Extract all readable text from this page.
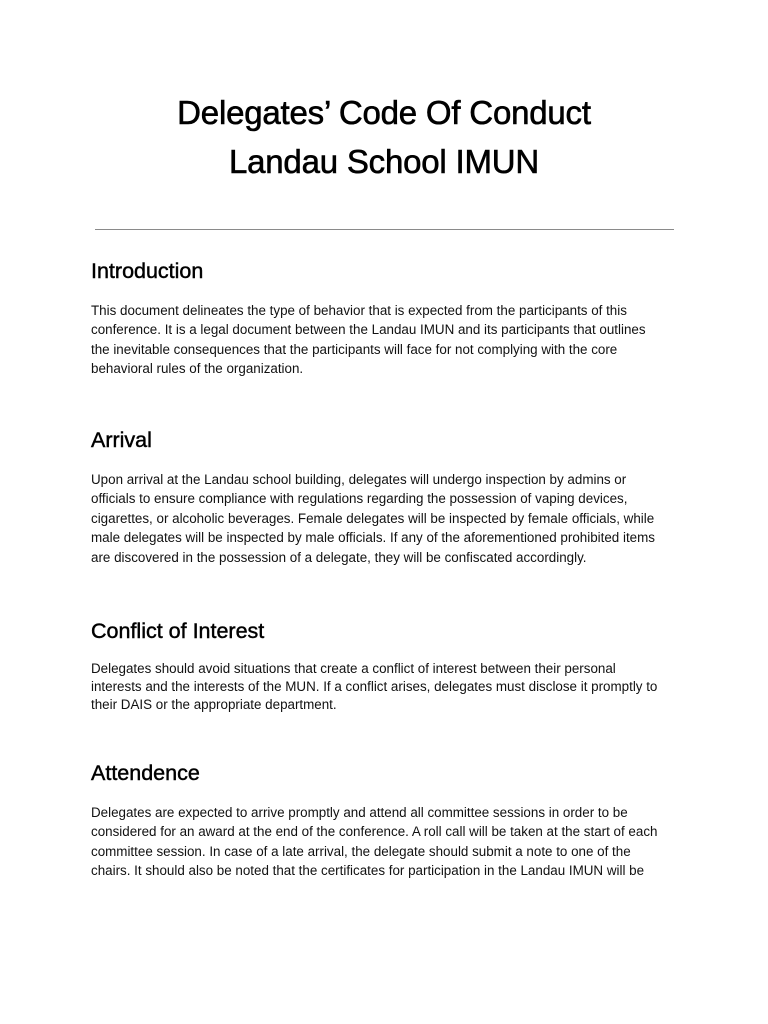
Delegates’ Code Of Conduct
Landau School IMUN
Introduction

This document delineates the type of behavior that is expected from the participants of this
conference. It is a legal document between the Landau IMUN and its participants that outlines
the inevitable consequences that the participants will face for not complying with the core
behavioral rules of the organization.

Arrival

Upon arrival at the Landau school building, delegates will undergo inspection by admins or
officials to ensure compliance with regulations regarding the possession of vaping devices,
cigarettes, or alcoholic beverages. Female delegates will be inspected by female officials, while
male delegates will be inspected by male officials. If any of the aforementioned prohibited items
are discovered in the possession of a delegate, they will be confiscated accordingly.

Conflict of Interest

Delegates should avoid situations that create a conflict of interest between their personal
interests and the interests of the MUN. If a conflict arises, delegates must disclose it promptly to
their DAIS or the appropriate department.

Attendence

Delegates are expected to arrive promptly and attend all committee sessions in order to be
considered for an award at the end of the conference. A roll call will be taken at the start of each
committee session. In case of a late arrival, the delegate should submit a note to one of the
chairs. It should also be noted that the certificates for participation in the Landau IMUN will be
